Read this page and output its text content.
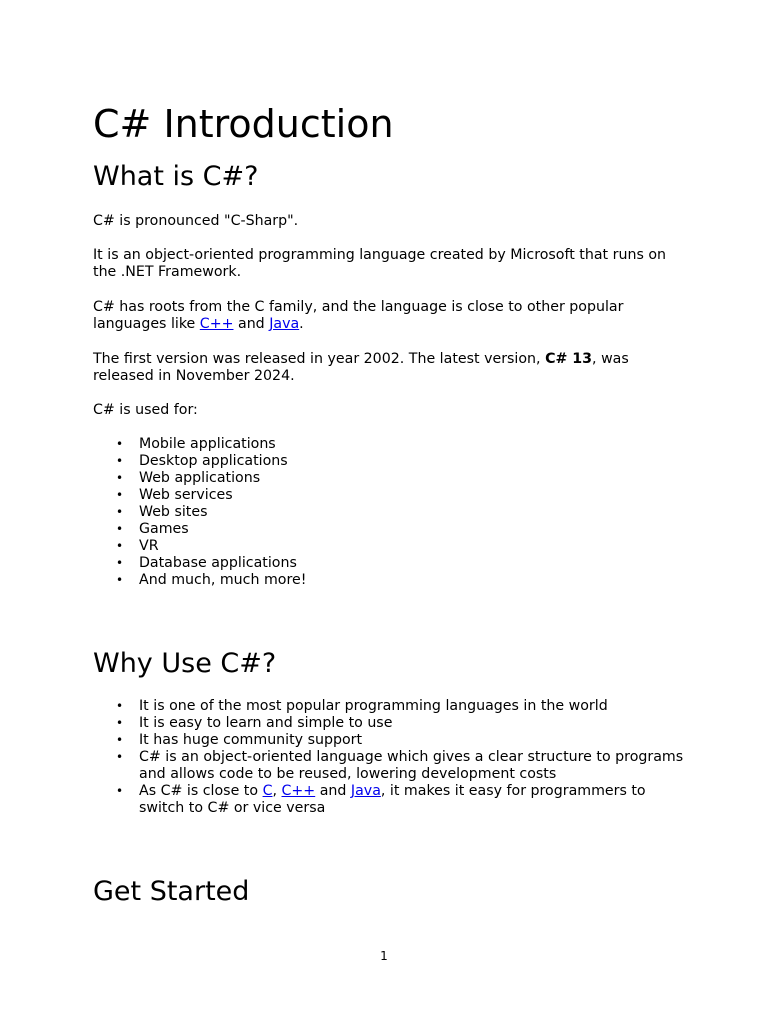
C# Introduction
What is C#?

C# is pronounced "C-Sharp".

It is an object-oriented programming language created by Microsoft that runs on the .NET Framework.

C# has roots from the C family, and the language is close to other popular languages like C++ and Java.

The first version was released in year 2002. The latest version, C# 13, was released in November 2024.

C# is used for:

• Mobile applications
• Desktop applications
• Web applications
• Web services
• Web sites
• Games
• VR
• Database applications
• And much, much more!
Why Use C#?
• It is one of the most popular programming languages in the world
• It is easy to learn and simple to use
• It has huge community support
• C# is an object-oriented language which gives a clear structure to programs and allows code to be reused, lowering development costs
• As C# is close to C, C++ and Java, it makes it easy for programmers to switch to C# or vice versa
Get Started
1
